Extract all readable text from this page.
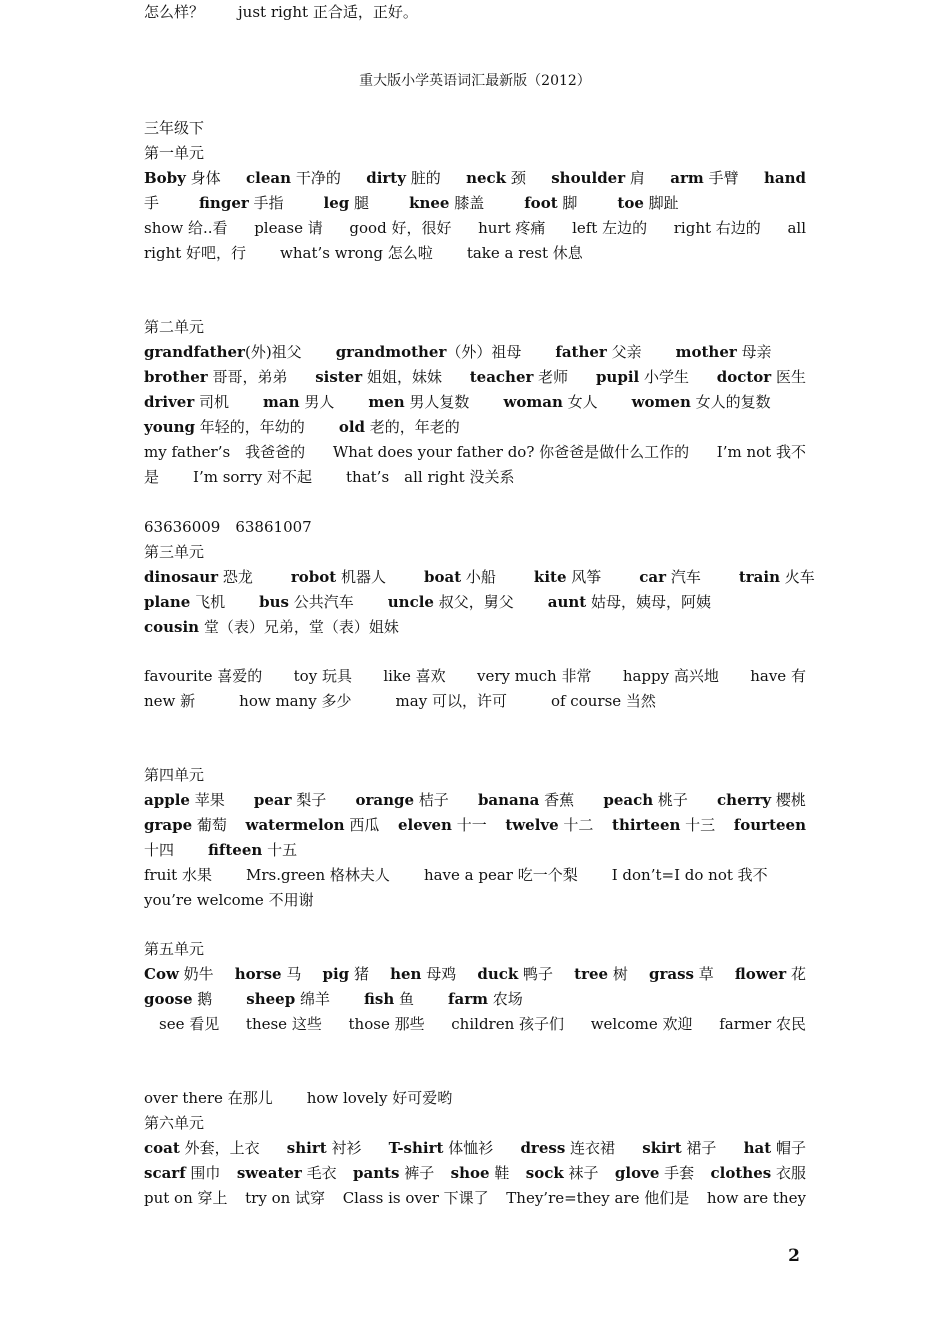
重大版小学英语词汇最新版（2012）
三年级下
第一单元
Boby 身体 clean 干净的 dirty 脏的 neck 颈 shoulder 肩 arm 手臂 hand
手	finger 手指	leg 腿	knee 膝盖	foot 脚	toe 脚趾
show 给..看 please 请 good 好，很好 hurt 疼痛 left 左边的 right 右边的 all
right 好吧，行 what’s wrong 怎么啦 take a rest 休息
第二单元
grandfather(外)祖父 grandmother（外）祖母 father 父亲 mother 母亲
brother 哥哥，弟弟 sister 姐姐，妹妹 teacher 老师 pupil 小学生 doctor 医生
driver 司机 man 男人 men 男人复数 woman 女人 women 女人的复数
young 年轻的，年幼的 old 老的，年老的
my father’s　我爸爸的 What does your father do? 你爸爸是做什么工作的 I’m not 我不
是 I’m sorry 对不起 that’s　all right 没关系
63636009　63861007
第三单元
dinosaur 恐龙	robot 机器人	boat 小船	kite 风筝	car 汽车	train 火车
plane 飞机 bus 公共汽车 uncle 叔父，舅父 aunt 姑母，姨母，阿姨
cousin 堂（表）兄弟，堂（表）姐妹
favourite 喜爱的 toy 玩具 like 喜欢 very much 非常 happy 高兴地 have 有
new 新	how many 多少	may 可以，许可	of course 当然
第四单元
apple 苹果 pear 梨子 orange 桔子 banana 香蕉 peach 桃子 cherry 樱桃
grape 葡萄 watermelon 西瓜 eleven 十一 twelve 十二 thirteen 十三 fourteen
十四 fifteen 十五
fruit 水果 Mrs.green 格林夫人 have a pear 吃一个梨 I don’t=I do not 我不
you’re welcome 不用谢
第五单元
Cow 奶牛 horse 马 pig 猪 hen 母鸡 duck 鸭子 tree 树 grass 草 flower 花
goose 鹅 sheep 绵羊 fish 鱼 farm 农场
　see 看见 these 这些 those 那些 children 孩子们 welcome 欢迎 farmer 农民
over there 在那儿 how lovely 好可爱哟
第六单元
coat 外套，上衣 shirt 衬衫 T-shirt 体恤衫 dress 连衣裙 skirt 裙子 hat 帽子
scarf 围巾 sweater 毛衣 pants 裤子 shoe 鞋 sock 袜子 glove 手套 clothes 衣服
put on 穿上 try on 试穿 Class is over 下课了 They’re=they are 他们是 how are they
怎么样？ just right 正合适，正好。
2
